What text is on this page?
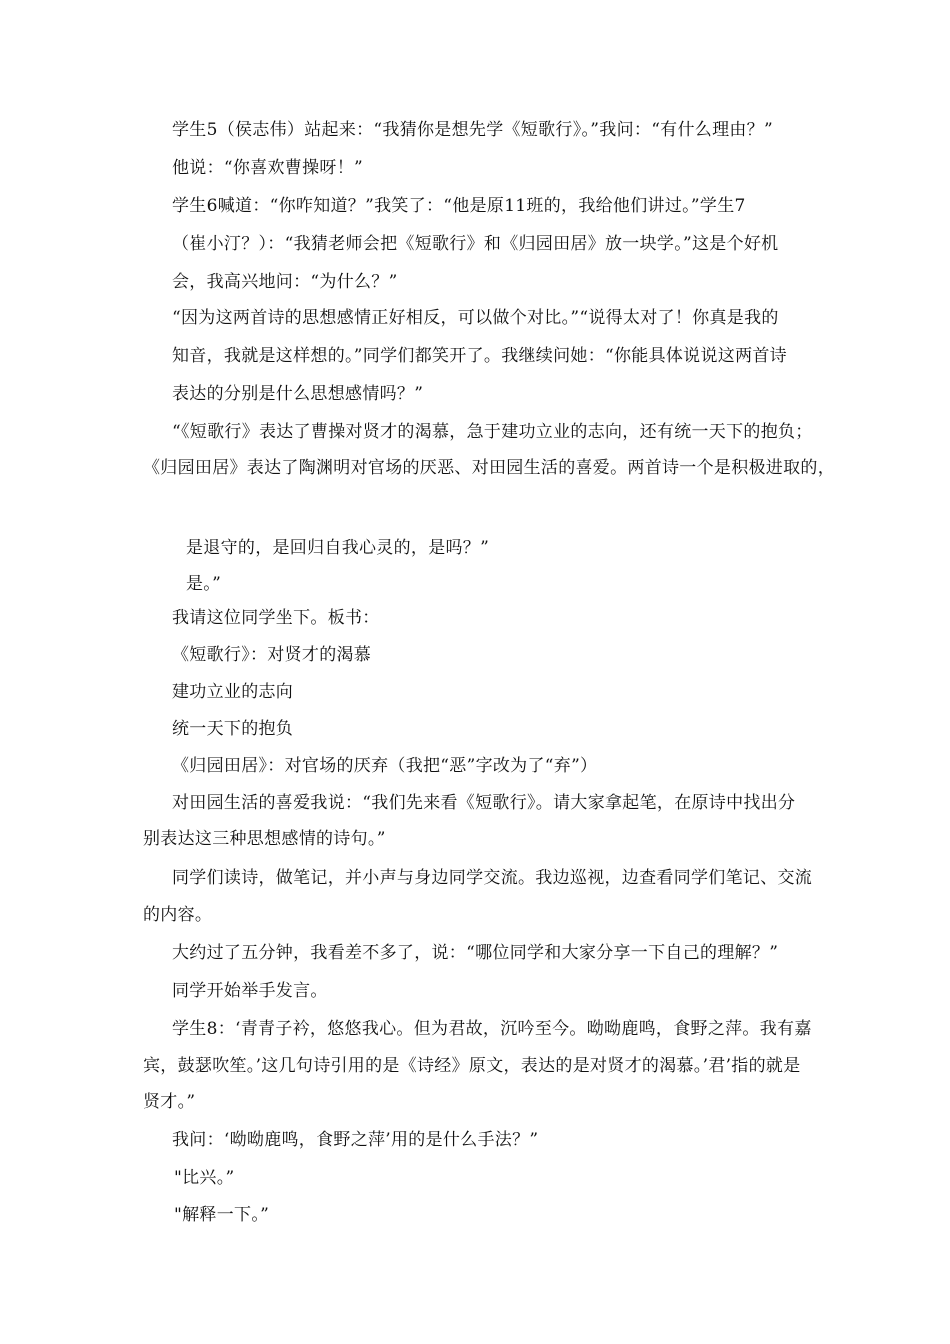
学生5（侯志伟）站起来：“我猜你是想先学《短歌行》。”我问：“有什么理由？”
他说：“你喜欢曹操呀！”
学生6喊道：“你咋知道？”我笑了：“他是原11班的，我给他们讲过。”学生7
（崔小汀？）：“我猜老师会把《短歌行》和《归园田居》放一块学。”这是个好机
会，我高兴地问：“为什么？”
“因为这两首诗的思想感情正好相反，可以做个对比。”“说得太对了！你真是我的
知音，我就是这样想的。”同学们都笑开了。我继续问她：“你能具体说说这两首诗
表达的分别是什么思想感情吗？”
“《短歌行》表达了曹操对贤才的渴慕，急于建功立业的志向，还有统一天下的抱负；
《归园田居》表达了陶渊明对官场的厌恶、对田园生活的喜爱。两首诗一个是积极进取的，
是退守的，是回归自我心灵的，是吗？”
是。”
我请这位同学坐下。板书：
《短歌行》：对贤才的渴慕
建功立业的志向
统一天下的抱负
《归园田居》：对官场的厌弃（我把“恶”字改为了“弃”）
对田园生活的喜爱我说：“我们先来看《短歌行》。请大家拿起笔，在原诗中找出分
别表达这三种思想感情的诗句。”
同学们读诗，做笔记，并小声与身边同学交流。我边巡视，边查看同学们笔记、交流
的内容。
大约过了五分钟，我看差不多了，说：“哪位同学和大家分享一下自己的理解？”
同学开始举手发言。
学生8：‘青青子衿，悠悠我心。但为君故，沉吟至今。呦呦鹿鸣，食野之萍。我有嘉
宾，鼓瑟吹笙。’这几句诗引用的是《诗经》原文，表达的是对贤才的渴慕。’君’指的就是
贤才。”
我问：‘呦呦鹿鸣，食野之萍’用的是什么手法？”
"比兴。”
"解释一下。”
